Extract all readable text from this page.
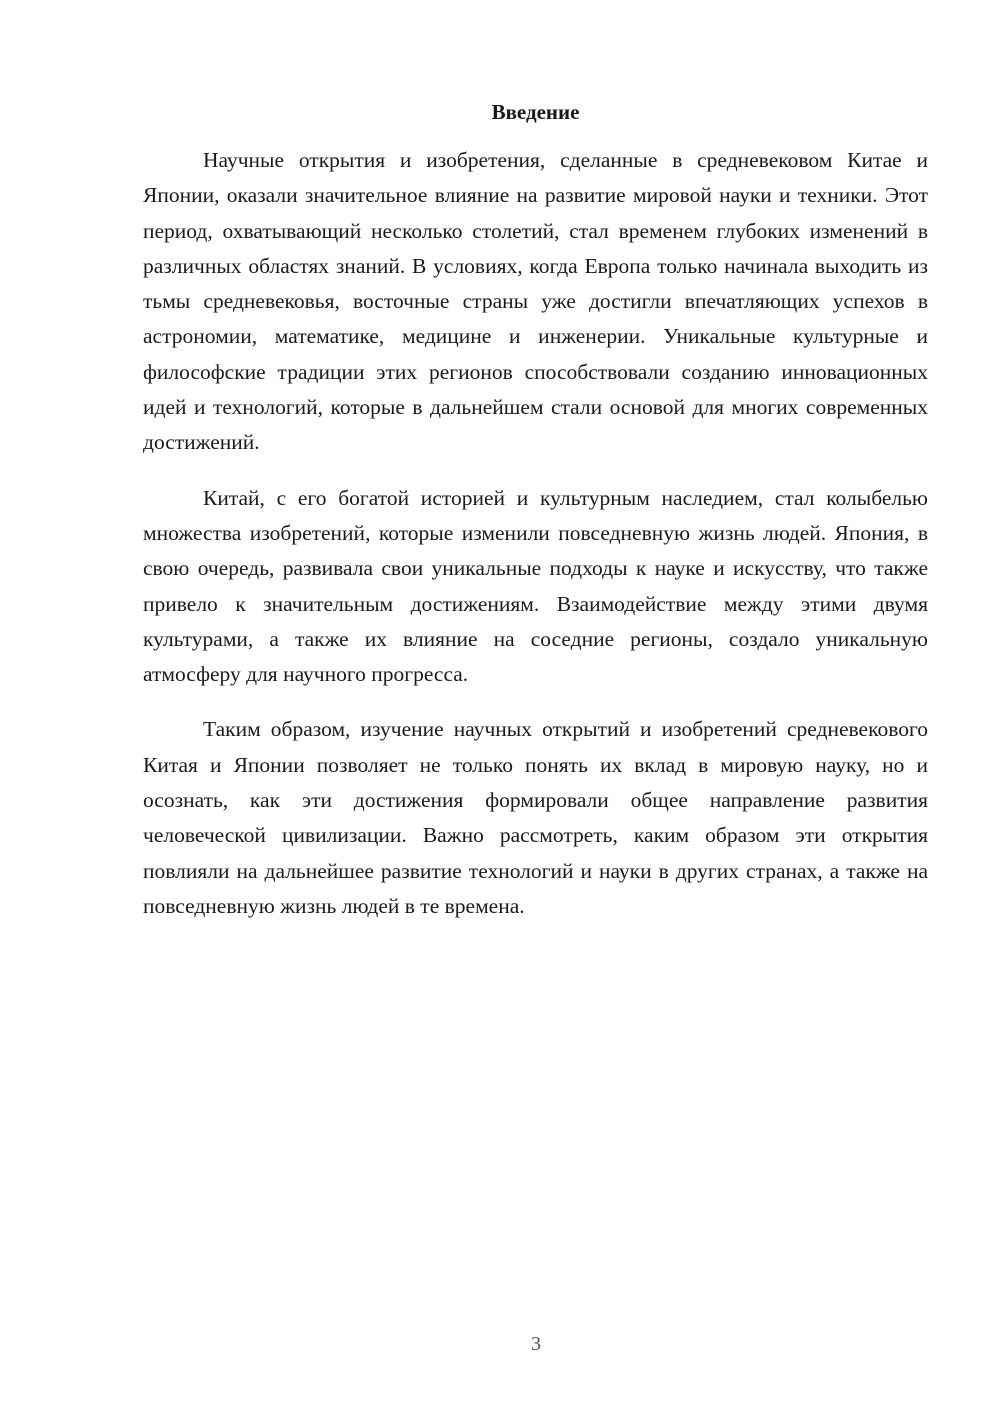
Введение

Научные открытия и изобретения, сделанные в средневековом Китае и Японии, оказали значительное влияние на развитие мировой науки и техники. Этот период, охватывающий несколько столетий, стал временем глубоких изменений в различных областях знаний. В условиях, когда Европа только начинала выходить из тьмы средневековья, восточные страны уже достигли впечатляющих успехов в астрономии, математике, медицине и инженерии. Уникальные культурные и философские традиции этих регионов способствовали созданию инновационных идей и технологий, которые в дальнейшем стали основой для многих современных достижений.

Китай, с его богатой историей и культурным наследием, стал колыбелью множества изобретений, которые изменили повседневную жизнь людей. Япония, в свою очередь, развивала свои уникальные подходы к науке и искусству, что также привело к значительным достижениям. Взаимодействие между этими двумя культурами, а также их влияние на соседние регионы, создало уникальную атмосферу для научного прогресса.

Таким образом, изучение научных открытий и изобретений средневекового Китая и Японии позволяет не только понять их вклад в мировую науку, но и осознать, как эти достижения формировали общее направление развития человеческой цивилизации. Важно рассмотреть, каким образом эти открытия повлияли на дальнейшее развитие технологий и науки в других странах, а также на повседневную жизнь людей в те времена.

3
